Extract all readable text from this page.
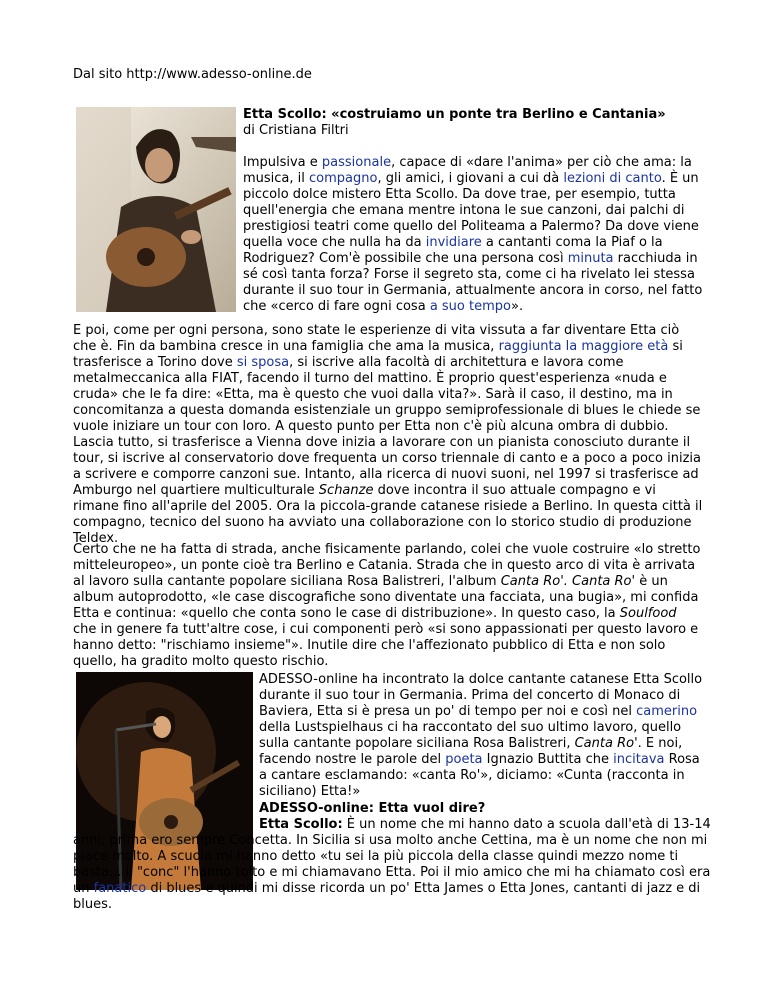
Dal sito http://www.adesso-online.de

Etta Scollo: «costruiamo un ponte tra Berlino e Cantania»

di Cristiana Filtri

Impulsiva e passionale, capace di «dare l'anima» per ciò che ama: la musica, il compagno, gli amici, i giovani a cui dà lezioni di canto. È un piccolo dolce mistero Etta Scollo. Da dove trae, per esempio, tutta quell'energia che emana mentre intona le sue canzoni, dai palchi di prestigiosi teatri come quello del Politeama a Palermo? Da dove viene quella voce che nulla ha da invidiare a cantanti coma la Piaf o la Rodriguez? Com'è possibile che una persona così minuta racchiuda in sé così tanta forza? Forse il segreto sta, come ci ha rivelato lei stessa durante il suo tour in Germania, attualmente ancora in corso, nel fatto che «cerco di fare ogni cosa a suo tempo».

E poi, come per ogni persona, sono state le esperienze di vita vissuta a far diventare Etta ciò che è. Fin da bambina cresce in una famiglia che ama la musica, raggiunta la maggiore età si trasferisce a Torino dove si sposa, si iscrive alla facoltà di architettura e lavora come metalmeccanica alla FIAT, facendo il turno del mattino. È proprio quest'esperienza «nuda e cruda» che le fa dire: «Etta, ma è questo che vuoi dalla vita?». Sarà il caso, il destino, ma in concomitanza a questa domanda esistenziale un gruppo semiprofessionale di blues le chiede se vuole iniziare un tour con loro. A questo punto per Etta non c'è più alcuna ombra di dubbio. Lascia tutto, si trasferisce a Vienna dove inizia a lavorare con un pianista conosciuto durante il tour, si iscrive al conservatorio dove frequenta un corso triennale di canto e a poco a poco inizia a scrivere e comporre canzoni sue. Intanto, alla ricerca di nuovi suoni, nel 1997 si trasferisce ad Amburgo nel quartiere multiculturale Schanze dove incontra il suo attuale compagno e vi rimane fino all'aprile del 2005. Ora la piccola-grande catanese risiede a Berlino. In questa città il compagno, tecnico del suono ha avviato una collaborazione con lo storico studio di produzione Teldex.

Certo che ne ha fatta di strada, anche fisicamente parlando, colei che vuole costruire «lo stretto mitteleuropeo», un ponte cioè tra Berlino e Catania. Strada che in questo arco di vita è arrivata al lavoro sulla cantante popolare siciliana Rosa Balistreri, l'album Canta Ro'. Canta Ro' è un album autoprodotto, «le case discografiche sono diventate una facciata, una bugia», mi confida Etta e continua: «quello che conta sono le case di distribuzione». In questo caso, la Soulfood che in genere fa tutt'altre cose, i cui componenti però «si sono appassionati per questo lavoro e hanno detto: "rischiamo insieme"». Inutile dire che l'affezionato pubblico di Etta e non solo quello, ha gradito molto questo rischio.

ADESSO-online ha incontrato la dolce cantante catanese Etta Scollo durante il suo tour in Germania. Prima del concerto di Monaco di Baviera, Etta si è presa un po' di tempo per noi e così nel camerino della Lustspielhaus ci ha raccontato del suo ultimo lavoro, quello sulla cantante popolare siciliana Rosa Balistreri, Canta Ro'. E noi, facendo nostre le parole del poeta Ignazio Buttita che incitava Rosa a cantare esclamando: «canta Ro'», diciamo: «Cunta (racconta in siciliano) Etta!»

ADESSO-online: Etta vuol dire?

Etta Scollo: È un nome che mi hanno dato a scuola dall'età di 13-14 anni, prima ero sempre Concetta. In Sicilia si usa molto anche Cettina, ma è un nome che non mi piace molto. A scuola mi hanno detto «tu sei la più piccola della classe quindi mezzo nome ti basta... il "conc" l'hanno tolto e mi chiamavano Etta. Poi il mio amico che mi ha chiamato così era un fanatico di blues e quindi mi disse ricorda un po' Etta James o Etta Jones, cantanti di jazz e di blues.
